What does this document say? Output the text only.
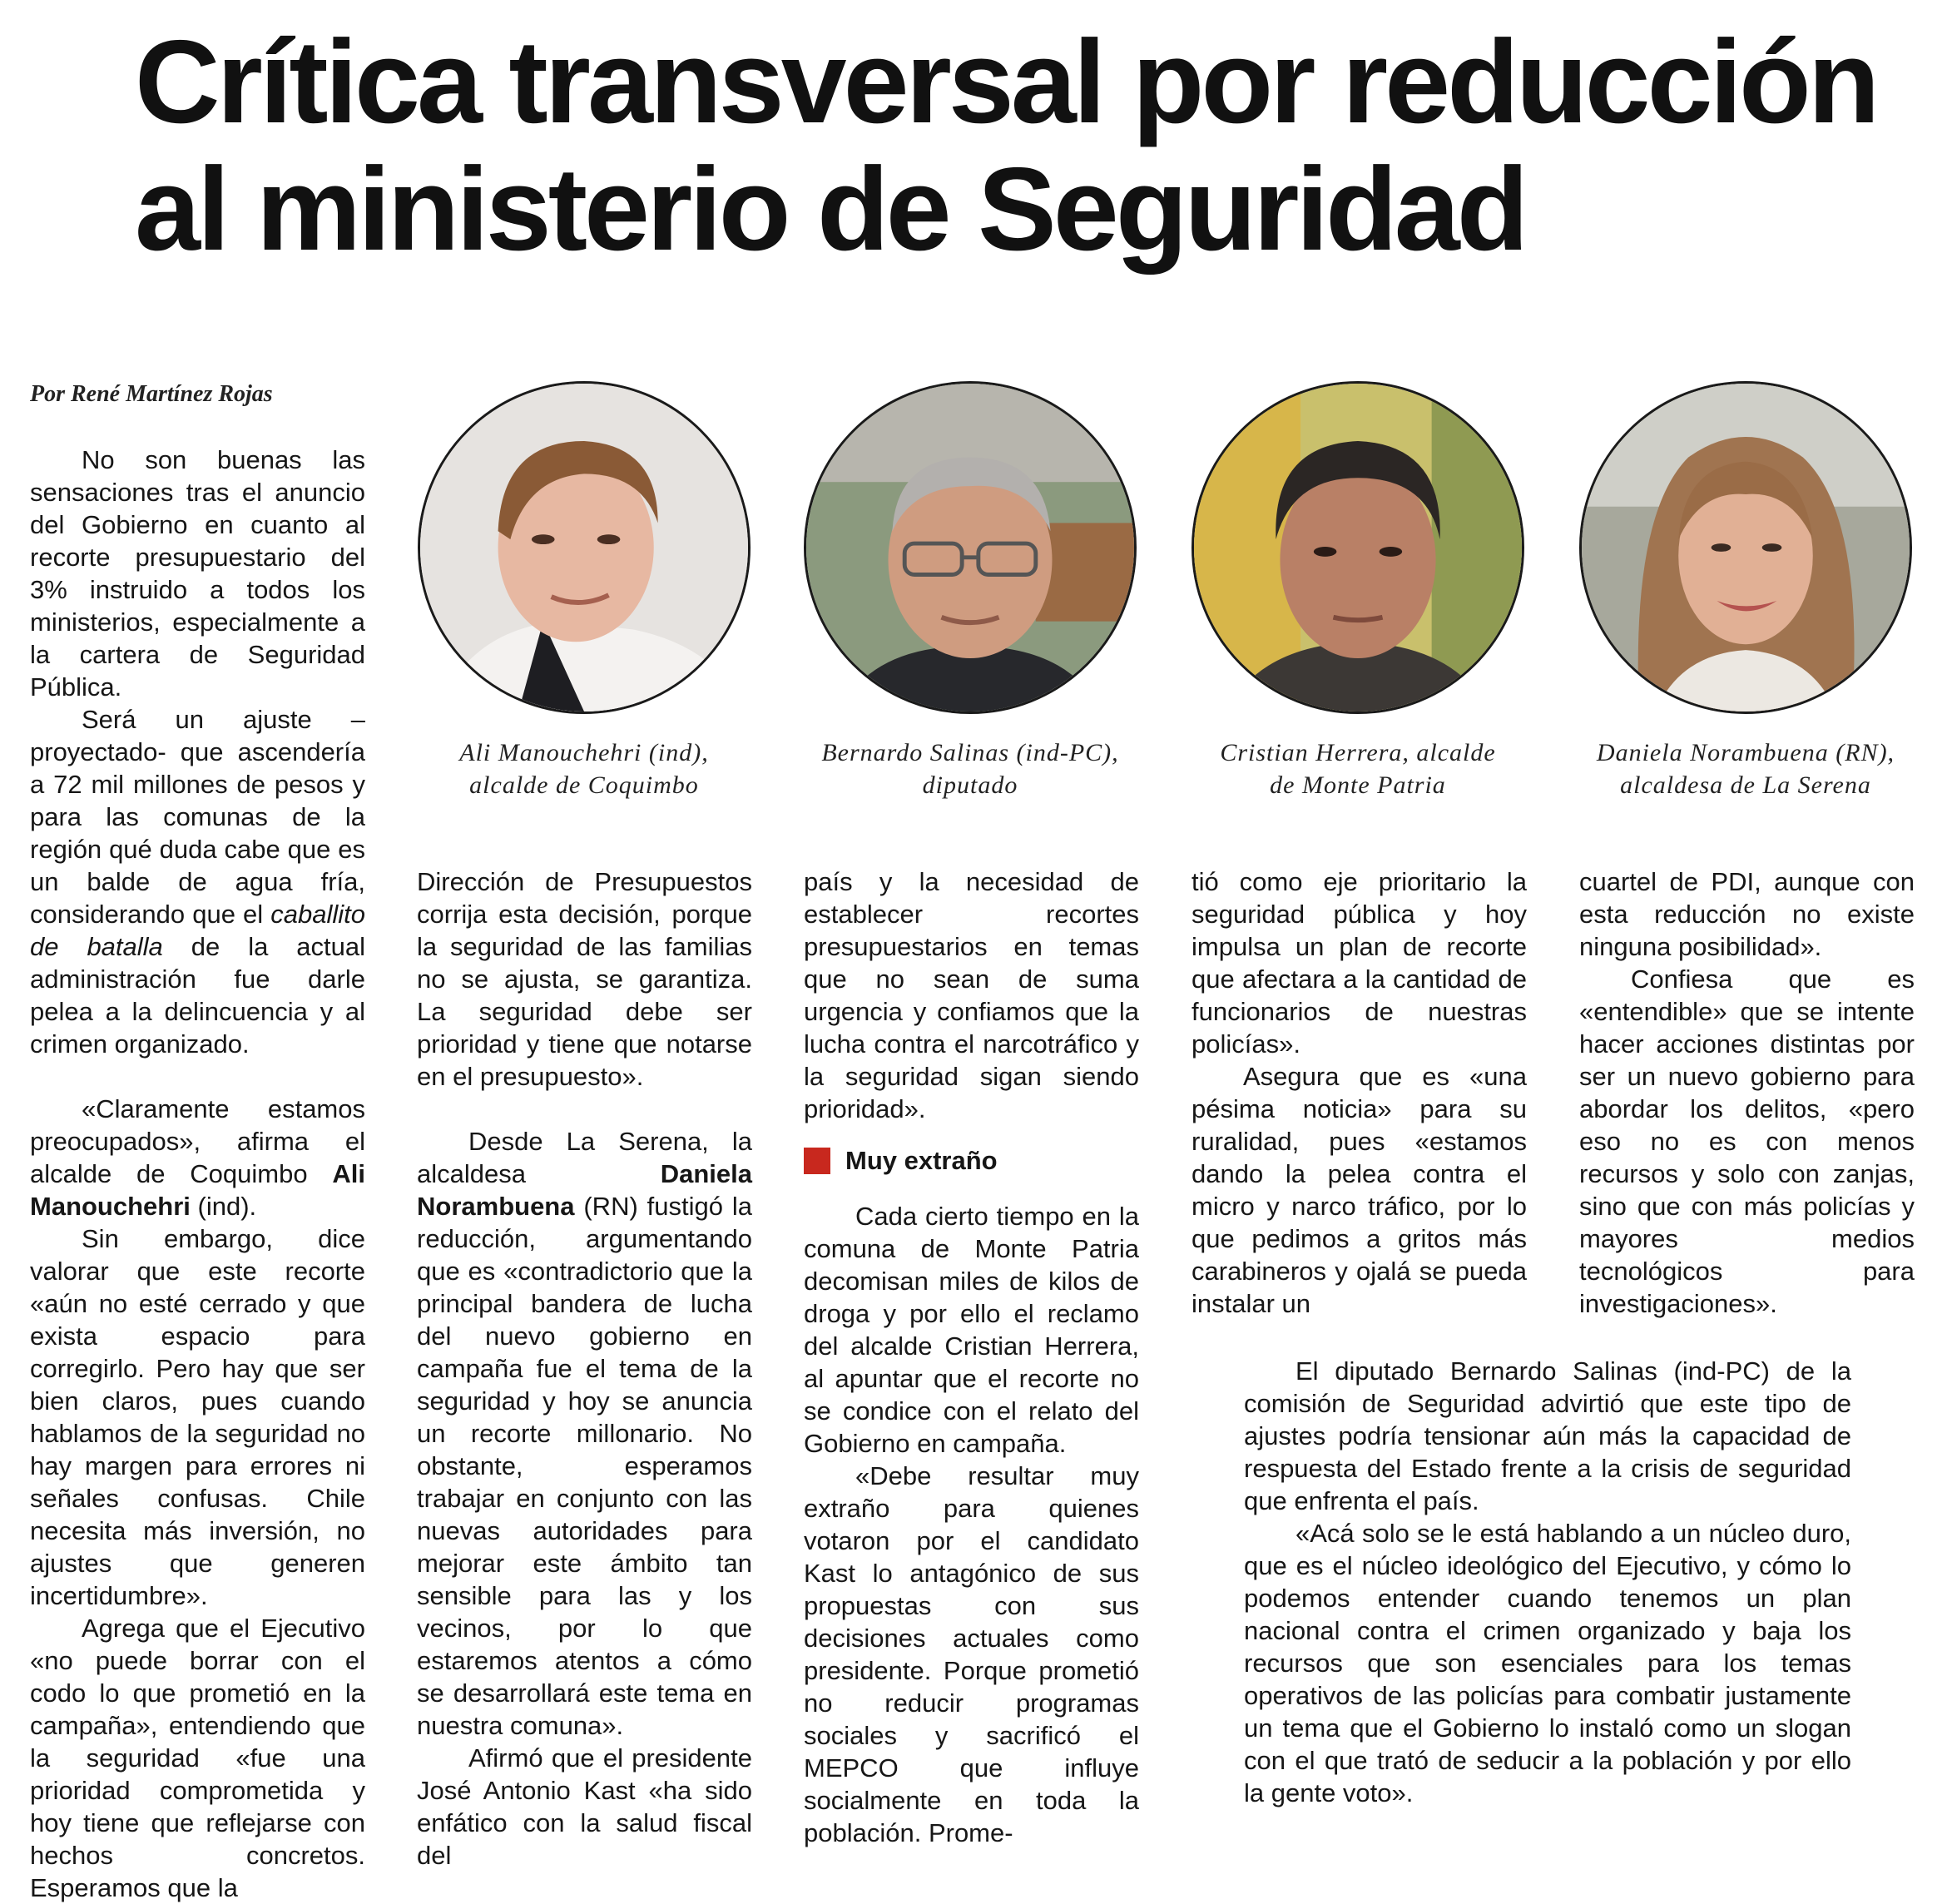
Crítica transversal por reducción
al ministerio de Seguridad
Por René Martínez Rojas
Ali Manouchehri (ind),
alcalde de Coquimbo
Bernardo Salinas (ind-PC),
diputado
Cristian Herrera, alcalde
de Monte Patria
Daniela Norambuena (RN),
alcaldesa de La Serena

No son buenas las sensaciones tras el anuncio del Gobierno en cuanto al recorte presupuestario del 3% instruido a todos los ministerios, especialmente a la cartera de Seguridad Pública.

Será un ajuste –proyectado- que ascendería a 72 mil millones de pesos y para las comunas de la región qué duda cabe que es un balde de agua fría, considerando que el caballito de batalla de la actual administración fue darle pelea a la delincuencia y al crimen organizado.

«Claramente estamos preocupados», afirma el alcalde de Coquimbo Ali Manouchehri (ind).

Sin embargo, dice valorar que este recorte «aún no esté cerrado y que exista espacio para corregirlo. Pero hay que ser bien claros, pues cuando hablamos de la seguridad no hay margen para errores ni señales confusas. Chile necesita más inversión, no ajustes que generen incertidumbre».

Agrega que el Ejecutivo «no puede borrar con el codo lo que prometió en la campaña», entendiendo que la seguridad «fue una prioridad comprometida y hoy tiene que reflejarse con hechos concretos. Esperamos que la

Dirección de Presupuestos corrija esta decisión, porque la seguridad de las familias no se ajusta, se garantiza. La seguridad debe ser prioridad y tiene que notarse en el presupuesto».

Desde La Serena, la alcaldesa Daniela Norambuena (RN) fustigó la reducción, argumentando que es «contradictorio que la principal bandera de lucha del nuevo gobierno en campaña fue el tema de la seguridad y hoy se anuncia un recorte millonario. No obstante, esperamos trabajar en conjunto con las nuevas autoridades para mejorar este ámbito tan sensible para las y los vecinos, por lo que estaremos atentos a cómo se desarrollará este tema en nuestra comuna».

Afirmó que el presidente José Antonio Kast «ha sido enfático con la salud fiscal del

país y la necesidad de establecer recortes presupuestarios en temas que no sean de suma urgencia y confiamos que la lucha contra el narcotráfico y la seguridad sigan siendo prioridad».

Muy extraño

Cada cierto tiempo en la comuna de Monte Patria decomisan miles de kilos de droga y por ello el reclamo del alcalde Cristian Herrera, al apuntar que el recorte no se condice con el relato del Gobierno en campaña.

«Debe resultar muy extraño para quienes votaron por el candidato Kast lo antagónico de sus propuestas con sus decisiones actuales como presidente. Porque prometió no reducir programas sociales y sacrificó el MEPCO que influye socialmente en toda la población. Prome-

tió como eje prioritario la seguridad pública y hoy impulsa un plan de recorte que afectara a la cantidad de funcionarios de nuestras policías».

Asegura que es «una pésima noticia» para su ruralidad, pues «estamos dando la pelea contra el micro y narco tráfico, por lo que pedimos a gritos más carabineros y ojalá se pueda instalar un

cuartel de PDI, aunque con esta reducción no existe ninguna posibilidad».

Confiesa que es «entendible» que se intente hacer acciones distintas por ser un nuevo gobierno para abordar los delitos, «pero eso no es con menos recursos y solo con zanjas, sino que con más policías y mayores medios tecnológicos para investigaciones».

El diputado Bernardo Salinas (ind-PC) de la comisión de Seguridad advirtió que este tipo de ajustes podría tensionar aún más la capacidad de respuesta del Estado frente a la crisis de seguridad que enfrenta el país.

«Acá solo se le está hablando a un núcleo duro, que es el núcleo ideológico del Ejecutivo, y cómo lo podemos entender cuando tenemos un plan nacional contra el crimen organizado y baja los recursos que son esenciales para los temas operativos de las policías para combatir justamente un tema que el Gobierno lo instaló como un slogan con el que trató de seducir a la población y por ello la gente voto».
